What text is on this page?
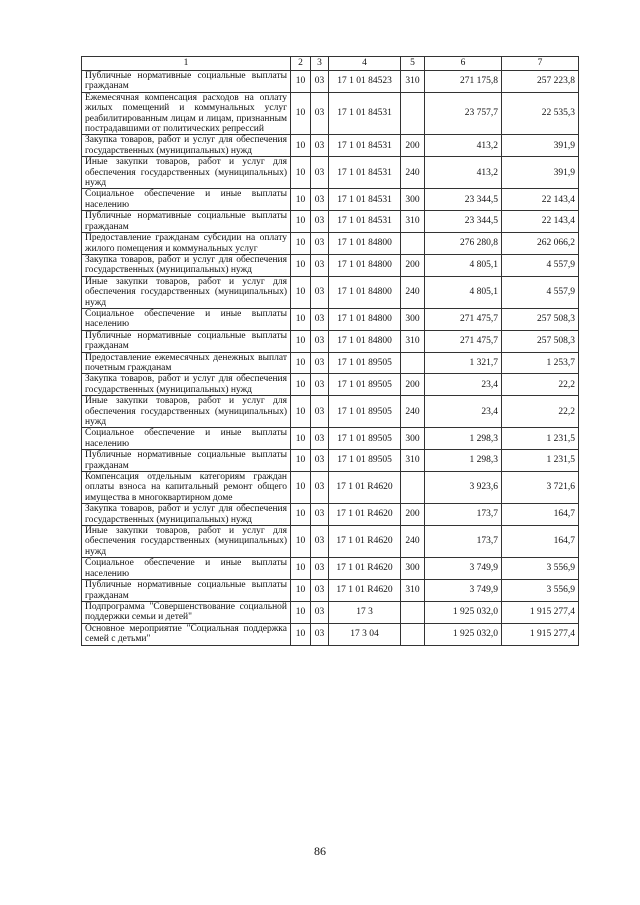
1	2	3	4	5	6	7
Публичные нормативные социальные выплаты гражданам	10	03	17 1 01 84523	310	271 175,8	257 223,8
Ежемесячная компенсация расходов на оплату жилых помещений и коммунальных услуг реабилитированным лицам и лицам, признанным пострадавшими от политических репрессий	10	03	17 1 01 84531		23 757,7	22 535,3
Закупка товаров, работ и услуг для обеспечения государственных (муниципальных) нужд	10	03	17 1 01 84531	200	413,2	391,9
Иные закупки товаров, работ и услуг для обеспечения государственных (муниципальных) нужд	10	03	17 1 01 84531	240	413,2	391,9
Социальное обеспечение и иные выплаты населению	10	03	17 1 01 84531	300	23 344,5	22 143,4
Публичные нормативные социальные выплаты гражданам	10	03	17 1 01 84531	310	23 344,5	22 143,4
Предоставление гражданам субсидии на оплату жилого помещения и коммунальных услуг	10	03	17 1 01 84800		276 280,8	262 066,2
Закупка товаров, работ и услуг для обеспечения государственных (муниципальных) нужд	10	03	17 1 01 84800	200	4 805,1	4 557,9
Иные закупки товаров, работ и услуг для обеспечения государственных (муниципальных) нужд	10	03	17 1 01 84800	240	4 805,1	4 557,9
Социальное обеспечение и иные выплаты населению	10	03	17 1 01 84800	300	271 475,7	257 508,3
Публичные нормативные социальные выплаты гражданам	10	03	17 1 01 84800	310	271 475,7	257 508,3
Предоставление ежемесячных денежных выплат почетным гражданам	10	03	17 1 01 89505		1 321,7	1 253,7
Закупка товаров, работ и услуг для обеспечения государственных (муниципальных) нужд	10	03	17 1 01 89505	200	23,4	22,2
Иные закупки товаров, работ и услуг для обеспечения государственных (муниципальных) нужд	10	03	17 1 01 89505	240	23,4	22,2
Социальное обеспечение и иные выплаты населению	10	03	17 1 01 89505	300	1 298,3	1 231,5
Публичные нормативные социальные выплаты гражданам	10	03	17 1 01 89505	310	1 298,3	1 231,5
Компенсация отдельным категориям граждан оплаты взноса на капитальный ремонт общего имущества в многоквартирном доме	10	03	17 1 01 R4620		3 923,6	3 721,6
Закупка товаров, работ и услуг для обеспечения государственных (муниципальных) нужд	10	03	17 1 01 R4620	200	173,7	164,7
Иные закупки товаров, работ и услуг для обеспечения государственных (муниципальных) нужд	10	03	17 1 01 R4620	240	173,7	164,7
Социальное обеспечение и иные выплаты населению	10	03	17 1 01 R4620	300	3 749,9	3 556,9
Публичные нормативные социальные выплаты гражданам	10	03	17 1 01 R4620	310	3 749,9	3 556,9
Подпрограмма "Совершенствование социальной поддержки семьи и детей"	10	03	17 3		1 925 032,0	1 915 277,4
Основное мероприятие "Социальная поддержка семей с детьми"	10	03	17 3 04		1 925 032,0	1 915 277,4
86
